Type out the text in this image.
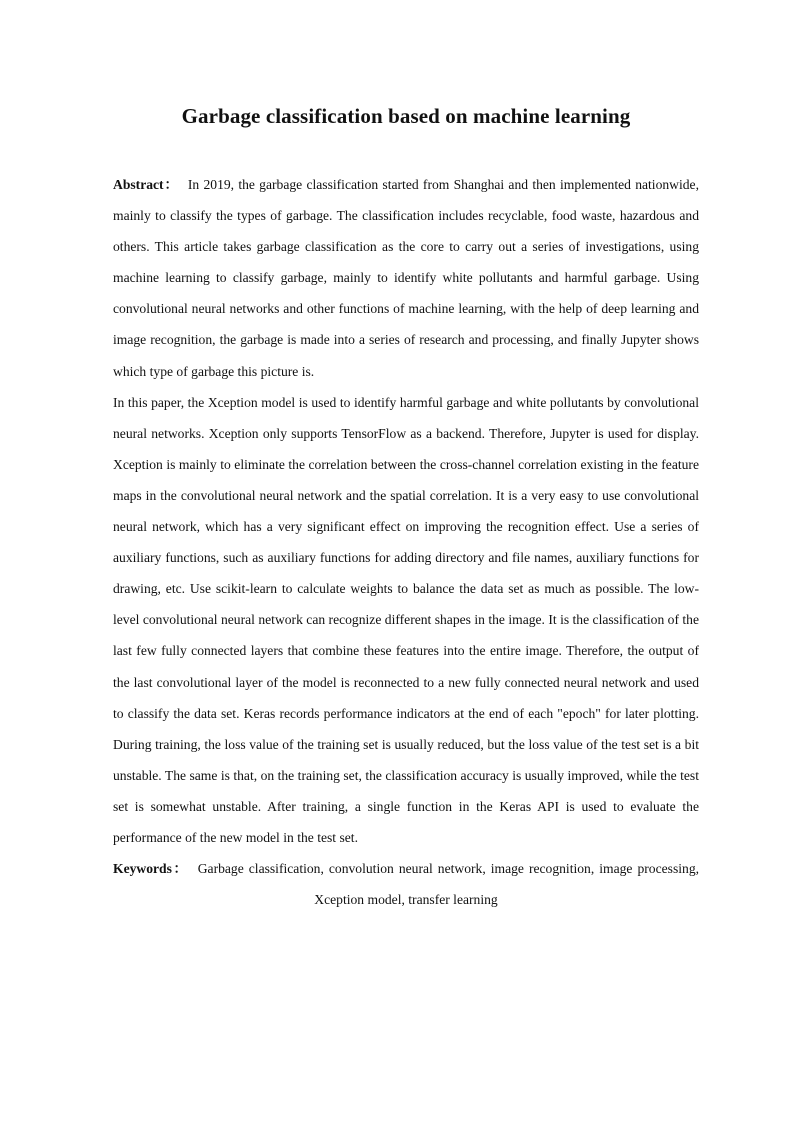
Garbage classification based on machine learning

Abstract： In 2019, the garbage classification started from Shanghai and then implemented nationwide, mainly to classify the types of garbage. The classification includes recyclable, food waste, hazardous and others. This article takes garbage classification as the core to carry out a series of investigations, using machine learning to classify garbage, mainly to identify white pollutants and harmful garbage. Using convolutional neural networks and other functions of machine learning, with the help of deep learning and image recognition, the garbage is made into a series of research and processing, and finally Jupyter shows which type of garbage this picture is.

In this paper, the Xception model is used to identify harmful garbage and white pollutants by convolutional neural networks. Xception only supports TensorFlow as a backend. Therefore, Jupyter is used for display. Xception is mainly to eliminate the correlation between the cross-channel correlation existing in the feature maps in the convolutional neural network and the spatial correlation. It is a very easy to use convolutional neural network, which has a very significant effect on improving the recognition effect. Use a series of auxiliary functions, such as auxiliary functions for adding directory and file names, auxiliary functions for drawing, etc. Use scikit-learn to calculate weights to balance the data set as much as possible. The low-level convolutional neural network can recognize different shapes in the image. It is the classification of the last few fully connected layers that combine these features into the entire image. Therefore, the output of the last convolutional layer of the model is reconnected to a new fully connected neural network and used to classify the data set. Keras records performance indicators at the end of each "epoch" for later plotting. During training, the loss value of the training set is usually reduced, but the loss value of the test set is a bit unstable. The same is that, on the training set, the classification accuracy is usually improved, while the test set is somewhat unstable. After training, a single function in the Keras API is used to evaluate the performance of the new model in the test set.

Keywords： Garbage classification, convolution neural network, image recognition, image processing, Xception model, transfer learning
